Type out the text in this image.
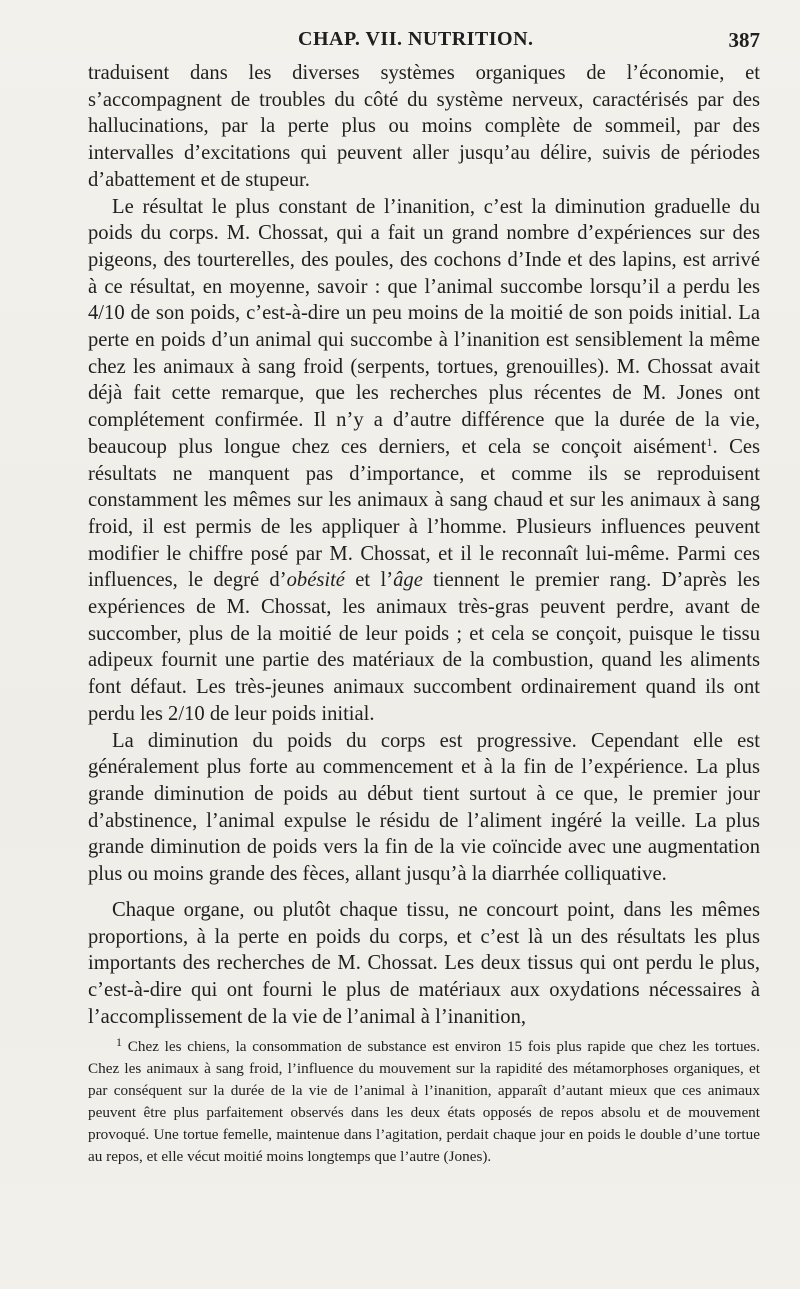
CHAP. VII. NUTRITION.	387

traduisent dans les diverses systèmes organiques de l’économie, et s’accompagnent de troubles du côté du système nerveux, caractérisés par des hallucinations, par la perte plus ou moins complète de sommeil, par des intervalles d’excitations qui peuvent aller jusqu’au délire, suivis de périodes d’abattement et de stupeur.

Le résultat le plus constant de l’inanition, c’est la diminution graduelle du poids du corps. M. Chossat, qui a fait un grand nombre d’expériences sur des pigeons, des tourterelles, des poules, des cochons d’Inde et des lapins, est arrivé à ce résultat, en moyenne, savoir : que l’animal succombe lorsqu’il a perdu les 4/10 de son poids, c’est-à-dire un peu moins de la moitié de son poids initial. La perte en poids d’un animal qui succombe à l’inanition est sensiblement la même chez les animaux à sang froid (serpents, tortues, grenouilles). M. Chossat avait déjà fait cette remarque, que les recherches plus récentes de M. Jones ont complétement confirmée. Il n’y a d’autre différence que la durée de la vie, beaucoup plus longue chez ces derniers, et cela se conçoit aisément$^1$. Ces résultats ne manquent pas d’importance, et comme ils se reproduisent constamment les mêmes sur les animaux à sang chaud et sur les animaux à sang froid, il est permis de les appliquer à l’homme. Plusieurs influences peuvent modifier le chiffre posé par M. Chossat, et il le reconnaît lui-même. Parmi ces influences, le degré d’obésité et l’âge tiennent le premier rang. D’après les expériences de M. Chossat, les animaux très-gras peuvent perdre, avant de succomber, plus de la moitié de leur poids ; et cela se conçoit, puisque le tissu adipeux fournit une partie des matériaux de la combustion, quand les aliments font défaut. Les très-jeunes animaux succombent ordinairement quand ils ont perdu les 2/10 de leur poids initial.

La diminution du poids du corps est progressive. Cependant elle est généralement plus forte au commencement et à la fin de l’expérience. La plus grande diminution de poids au début tient surtout à ce que, le premier jour d’abstinence, l’animal expulse le résidu de l’aliment ingéré la veille. La plus grande diminution de poids vers la fin de la vie coïncide avec une augmentation plus ou moins grande des fèces, allant jusqu’à la diarrhée colliquative.

Chaque organe, ou plutôt chaque tissu, ne concourt point, dans les mêmes proportions, à la perte en poids du corps, et c’est là un des résultats les plus importants des recherches de M. Chossat. Les deux tissus qui ont perdu le plus, c’est-à-dire qui ont fourni le plus de matériaux aux oxydations nécessaires à l’accomplissement de la vie de l’animal à l’inanition,

$^1$ Chez les chiens, la consommation de substance est environ 15 fois plus rapide que chez les tortues. Chez les animaux à sang froid, l’influence du mouvement sur la rapidité des métamorphoses organiques, et par conséquent sur la durée de la vie de l’animal à l’inanition, apparaît d’autant mieux que ces animaux peuvent être plus parfaitement observés dans les deux états opposés de repos absolu et de mouvement provoqué. Une tortue femelle, maintenue dans l’agitation, perdait chaque jour en poids le double d’une tortue au repos, et elle vécut moitié moins longtemps que l’autre (Jones).
